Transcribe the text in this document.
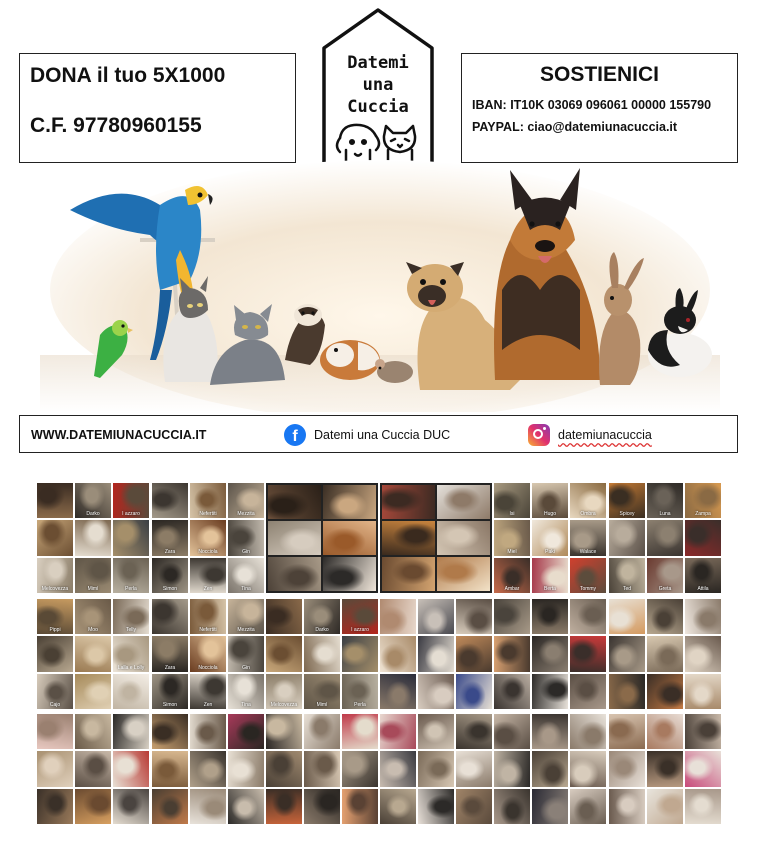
DONA il tuo 5X1000
C.F. 97780960155
Datemi
una
Cuccia
SOSTIENICI
IBAN: IT10K 03069 096061 00000 155790
PAYPAL: ciao@datemiunacuccia.it
WWW.DATEMIUNACUCCIA.IT	f	Datemi una Cuccia DUC	datemiunacuccia
Darko	I azzaro
Melcovezza	Mimì	Perla
Nefertiti	Mezzita
Zara	Nocciola	Gin
Simon	Zen	Tina
Isi	Hugo	Ombra
Miel	Paki	Walace
Ambar	Berta	Tommy
Spicey	Luna	Zampa
Ted	Greta	Attila
Pippi	Moo	Telly
Lalla e Lolly
Cajo
Nefertiti	Mezzita
Zara	Nocciola	Gin
Simon	Zen	Tina
Darko	I azzaro
Melcovezza	Mimì	Perla
